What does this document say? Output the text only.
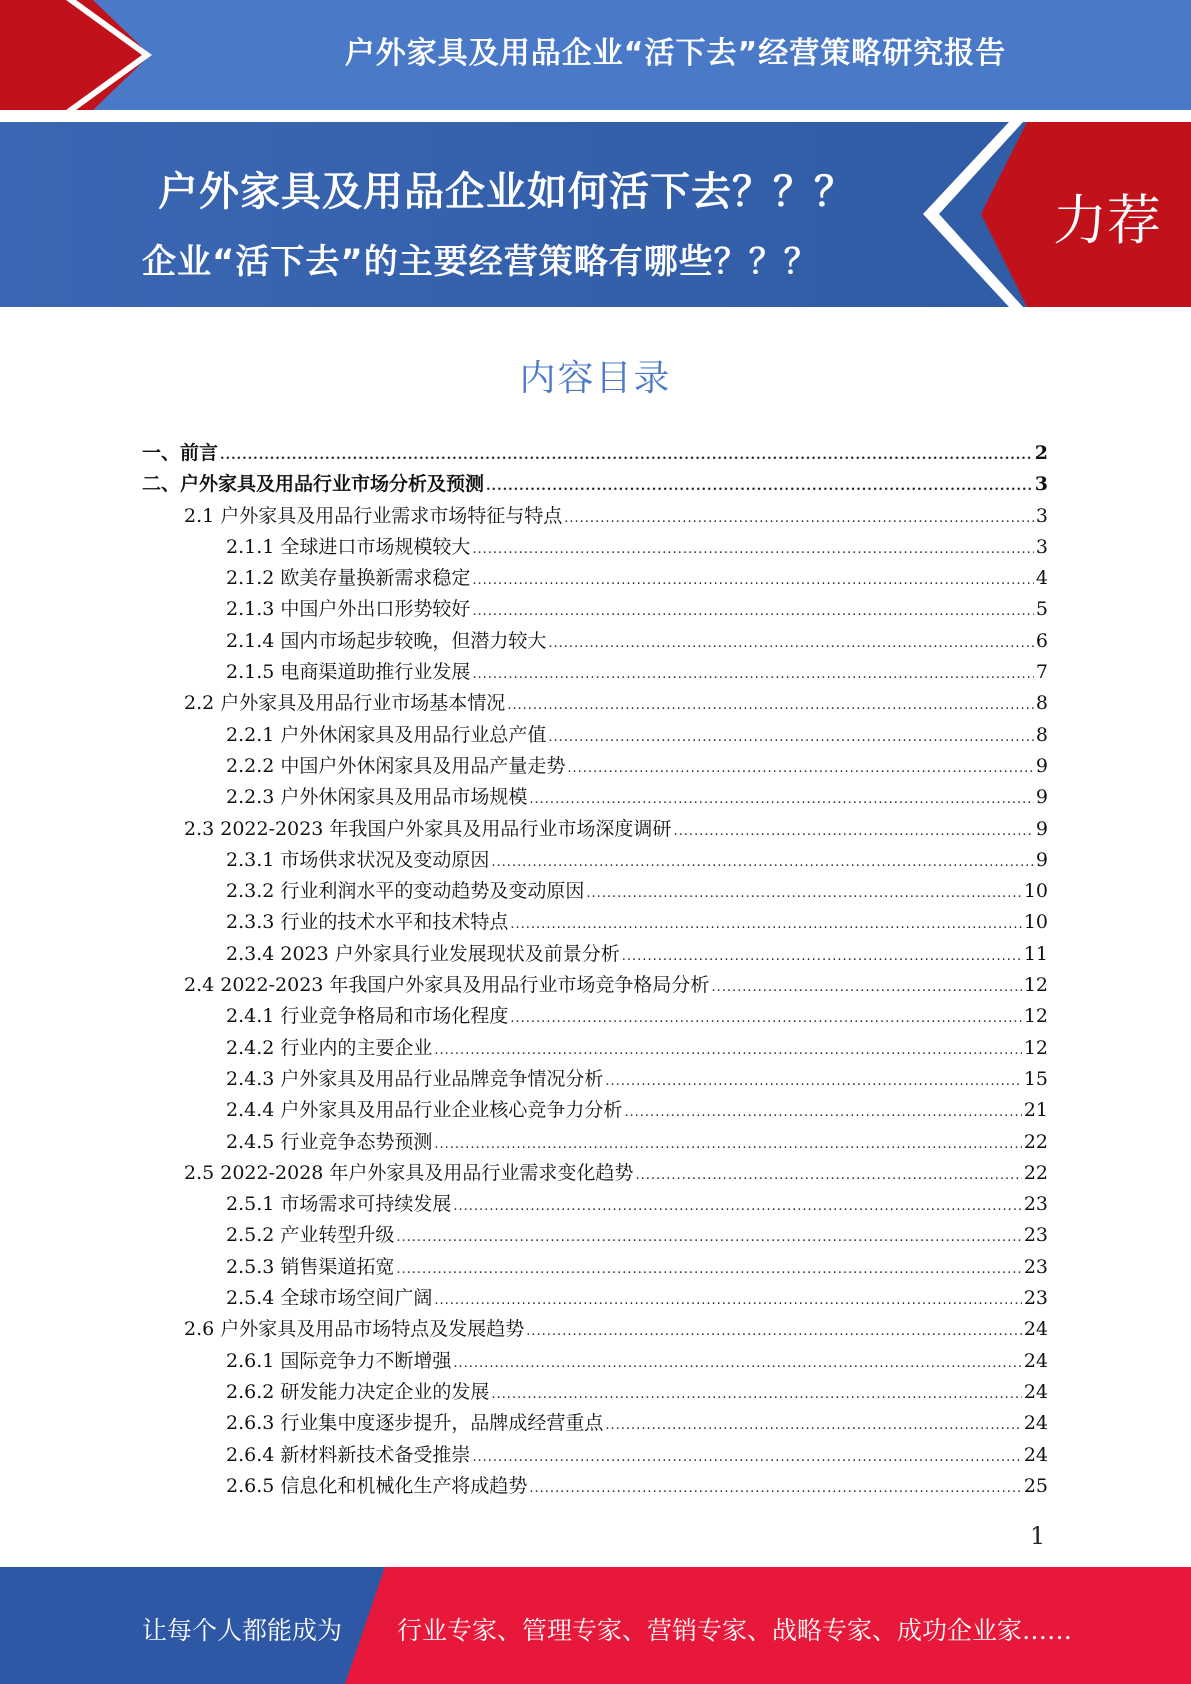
户外家具及用品企业“活下去”经营策略研究报告
户外家具及用品企业如何活下去？？？
企业“活下去”的主要经营策略有哪些？？？
力荐
内容目录
一、前言 .....	2
二、户外家具及用品行业市场分析及预测 .....	3
2.1 户外家具及用品行业需求市场特征与特点 .....	3
2.1.1 全球进口市场规模较大 .....	3
2.1.2 欧美存量换新需求稳定 .....	4
2.1.3 中国户外出口形势较好 .....	5
2.1.4 国内市场起步较晚，但潜力较大 .....	6
2.1.5 电商渠道助推行业发展 .....	7
2.2 户外家具及用品行业市场基本情况 .....	8
2.2.1 户外休闲家具及用品行业总产值 .....	8
2.2.2 中国户外休闲家具及用品产量走势 .....	9
2.2.3 户外休闲家具及用品市场规模 .....	9
2.3 2022-2023 年我国户外家具及用品行业市场深度调研 .....	9
2.3.1 市场供求状况及变动原因 .....	9
2.3.2 行业利润水平的变动趋势及变动原因 .....	10
2.3.3 行业的技术水平和技术特点 .....	10
2.3.4 2023 户外家具行业发展现状及前景分析 .....	11
2.4 2022-2023 年我国户外家具及用品行业市场竞争格局分析 .....	12
2.4.1 行业竞争格局和市场化程度 .....	12
2.4.2 行业内的主要企业 .....	12
2.4.3 户外家具及用品行业品牌竞争情况分析 .....	15
2.4.4 户外家具及用品行业企业核心竞争力分析 .....	21
2.4.5 行业竞争态势预测 .....	22
2.5 2022-2028 年户外家具及用品行业需求变化趋势 .....	22
2.5.1 市场需求可持续发展 .....	23
2.5.2 产业转型升级 .....	23
2.5.3 销售渠道拓宽 .....	23
2.5.4 全球市场空间广阔 .....	23
2.6 户外家具及用品市场特点及发展趋势 .....	24
2.6.1 国际竞争力不断增强 .....	24
2.6.2 研发能力决定企业的发展 .....	24
2.6.3 行业集中度逐步提升，品牌成经营重点 .....	24
2.6.4 新材料新技术备受推崇 .....	24
2.6.5 信息化和机械化生产将成趋势 .....	25
1
让每个人都能成为 行业专家、管理专家、营销专家、战略专家、成功企业家……
